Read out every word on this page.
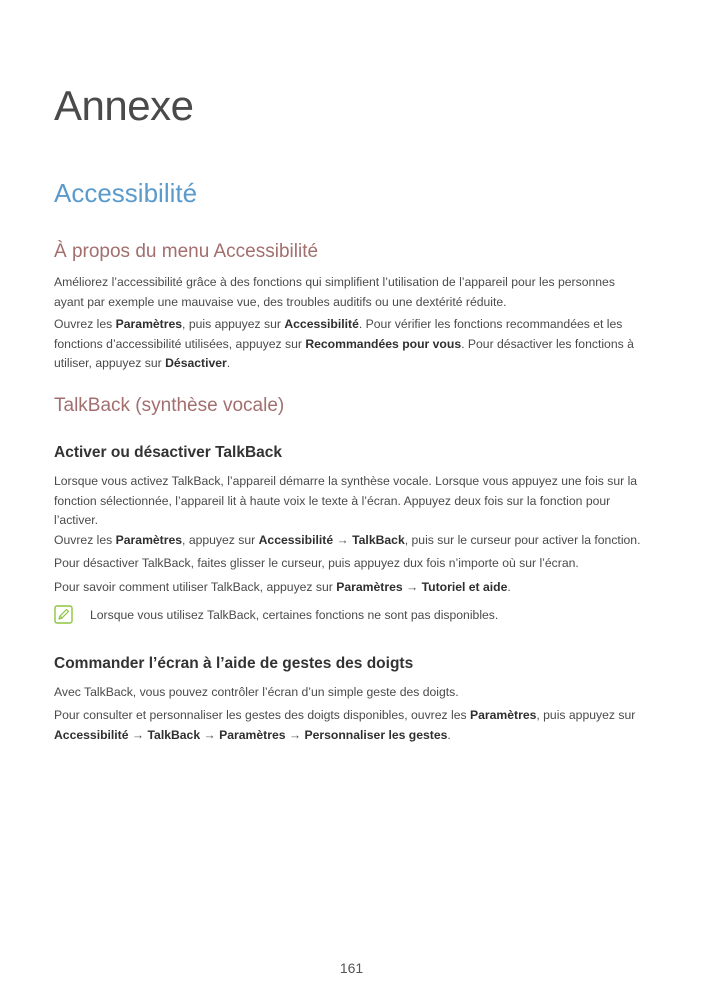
Annexe
Accessibilité
À propos du menu Accessibilité

Améliorez l’accessibilité grâce à des fonctions qui simplifient l’utilisation de l’appareil pour les personnes ayant par exemple une mauvaise vue, des troubles auditifs ou une dextérité réduite.

Ouvrez les Paramètres, puis appuyez sur Accessibilité. Pour vérifier les fonctions recommandées et les fonctions d’accessibilité utilisées, appuyez sur Recommandées pour vous. Pour désactiver les fonctions à utiliser, appuyez sur Désactiver.

TalkBack (synthèse vocale)
Activer ou désactiver TalkBack

Lorsque vous activez TalkBack, l’appareil démarre la synthèse vocale. Lorsque vous appuyez une fois sur la fonction sélectionnée, l’appareil lit à haute voix le texte à l’écran. Appuyez deux fois sur la fonction pour l’activer.

Ouvrez les Paramètres, appuyez sur Accessibilité → TalkBack, puis sur le curseur pour activer la fonction.

Pour désactiver TalkBack, faites glisser le curseur, puis appuyez dux fois n’importe où sur l’écran.

Pour savoir comment utiliser TalkBack, appuyez sur Paramètres → Tutoriel et aide.

Lorsque vous utilisez TalkBack, certaines fonctions ne sont pas disponibles.
Commander l’écran à l’aide de gestes des doigts

Avec TalkBack, vous pouvez contrôler l’écran d’un simple geste des doigts.

Pour consulter et personnaliser les gestes des doigts disponibles, ouvrez les Paramètres, puis appuyez sur Accessibilité → TalkBack → Paramètres → Personnaliser les gestes.

161
